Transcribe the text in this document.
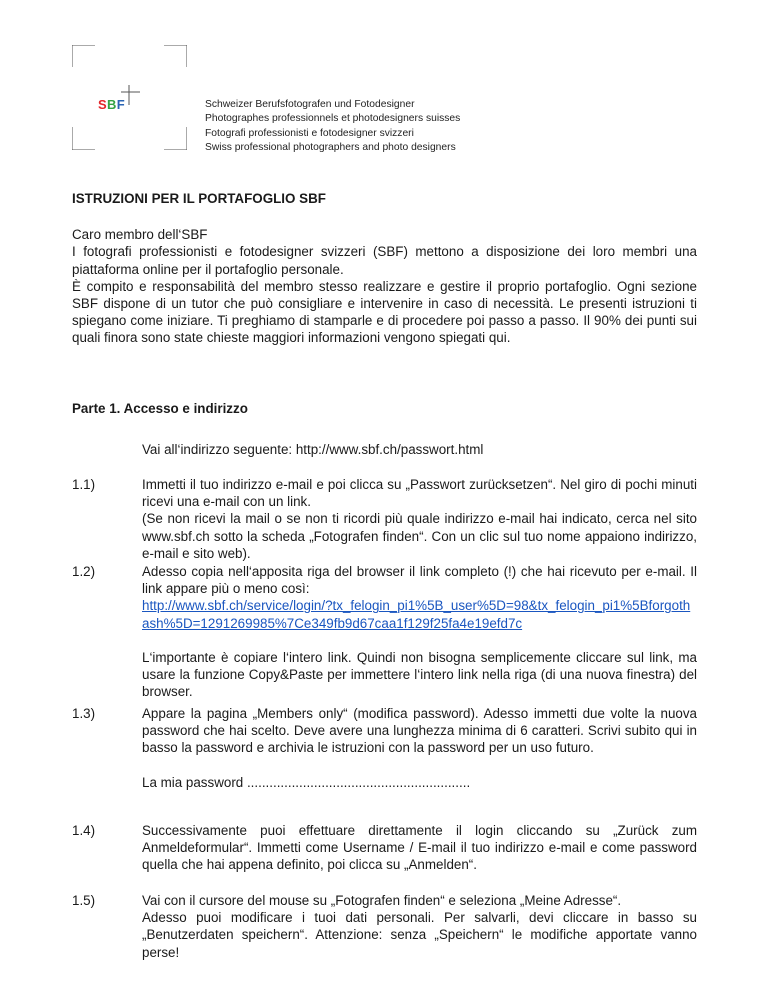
SBF	Schweizer Berufsfotografen und Fotodesigner
Photographes professionnels et photodesigners suisses
Fotografi professionisti e fotodesigner svizzeri
Swiss professional photographers and photo designers
ISTRUZIONI PER IL PORTAFOGLIO SBF

Caro membro dell‘SBF

I fotografi professionisti e fotodesigner svizzeri (SBF) mettono a disposizione dei loro membri una piattaforma online per il portafoglio personale.

È compito e responsabilità del membro stesso realizzare e gestire il proprio portafoglio. Ogni sezione SBF dispone di un tutor che può consigliare e intervenire in caso di necessità. Le presenti istruzioni ti spiegano come iniziare. Ti preghiamo di stamparle e di procedere poi passo a passo. Il 90% dei punti sui quali finora sono state chieste maggiori informazioni vengono spiegati qui.

Parte 1. Accesso e indirizzo

Vai all‘indirizzo seguente: http://www.sbf.ch/passwort.html

1.1)	Immetti il tuo indirizzo e-mail e poi clicca su „Passwort zurücksetzen“. Nel giro di pochi minuti ricevi una e-mail con un link.

(Se non ricevi la mail o se non ti ricordi più quale indirizzo e-mail hai indicato, cerca nel sito www.sbf.ch sotto la scheda „Fotografen finden“. Con un clic sul tuo nome appaiono indirizzo, e-mail e sito web).

1.2)	Adesso copia nell‘apposita riga del browser il link completo (!) che hai ricevuto per e-mail. Il link appare più o meno così:

http://www.sbf.ch/service/login/?tx_felogin_pi1%5B_user%5D=98&tx_felogin_pi1%5Bforgothash%5D=1291269985%7Ce349fb9d67caa1f129f25fa4e19efd7c

L‘importante è copiare l‘intero link. Quindi non bisogna semplicemente cliccare sul link, ma usare la funzione Copy&Paste per immettere l‘intero link nella riga (di una nuova finestra) del browser.

1.3)	Appare la pagina „Members only“ (modifica password). Adesso immetti due volte la nuova password che hai scelto. Deve avere una lunghezza minima di 6 caratteri. Scrivi subito qui in basso la password e archivia le istruzioni con la password per un uso futuro.

La mia password ............................................................

1.4)	Successivamente puoi effettuare direttamente il login cliccando su „Zurück zum Anmeldeformular“. Immetti come Username / E-mail il tuo indirizzo e-mail e come password quella che hai appena definito, poi clicca su „Anmelden“.

1.5)	Vai con il cursore del mouse su „Fotografen finden“ e seleziona „Meine Adresse“.

Adesso puoi modificare i tuoi dati personali. Per salvarli, devi cliccare in basso su „Benutzerdaten speichern“. Attenzione: senza „Speichern“ le modifiche apportate vanno perse!
